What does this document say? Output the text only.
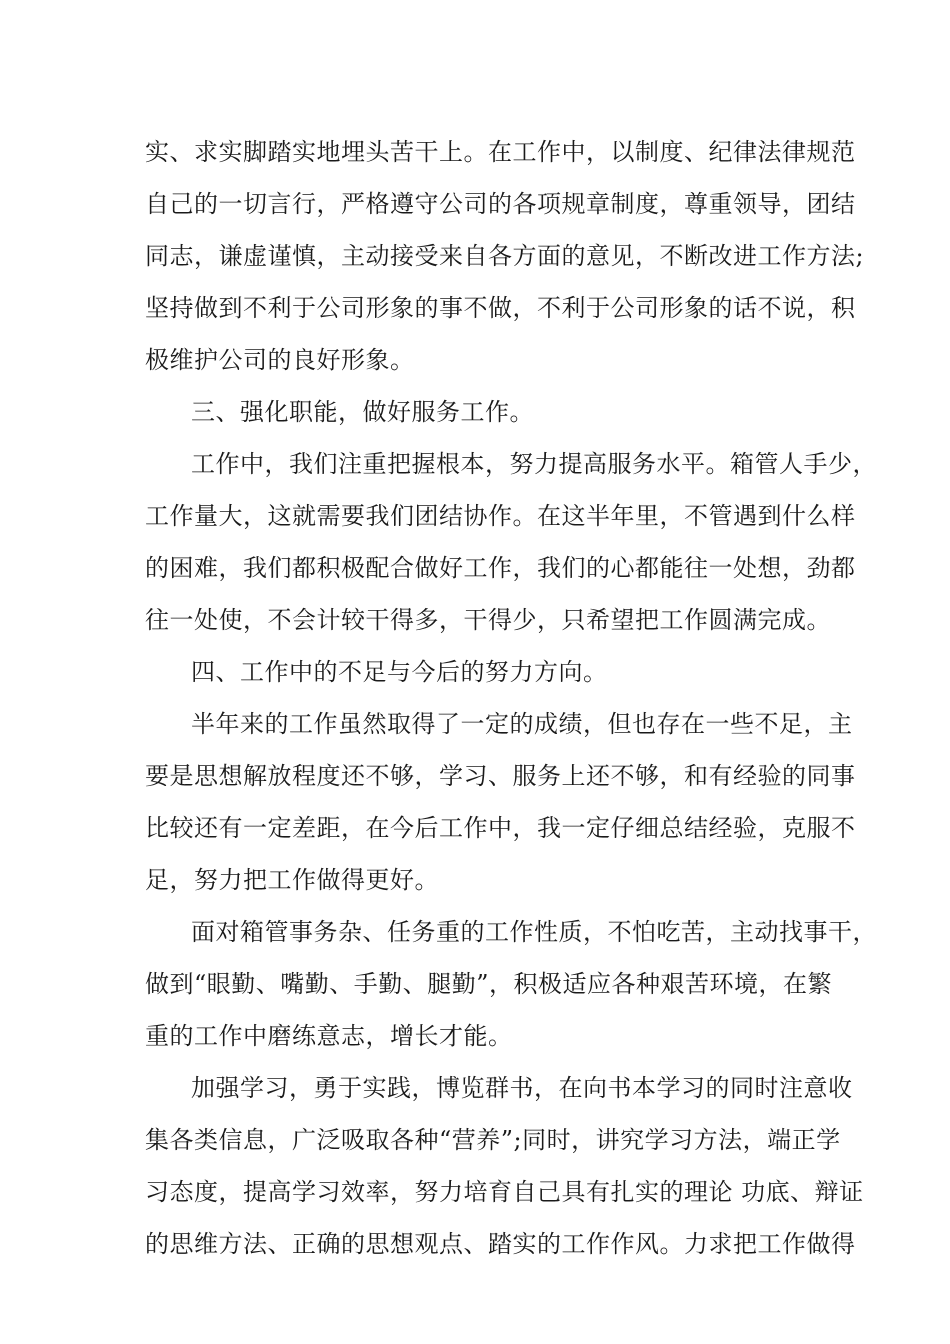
实、求实脚踏实地埋头苦干上。在工作中，以制度、纪律法律规范
自己的一切言行，严格遵守公司的各项规章制度，尊重领导，团结
同志，谦虚谨慎，主动接受来自各方面的意见，不断改进工作方法;
坚持做到不利于公司形象的事不做，不利于公司形象的话不说，积
极维护公司的良好形象。
三、强化职能，做好服务工作。
工作中，我们注重把握根本，努力提高服务水平。箱管人手少，
工作量大，这就需要我们团结协作。在这半年里，不管遇到什么样
的困难，我们都积极配合做好工作，我们的心都能往一处想，劲都
往一处使，不会计较干得多，干得少，只希望把工作圆满完成。
四、工作中的不足与今后的努力方向。
半年来的工作虽然取得了一定的成绩，但也存在一些不足，主
要是思想解放程度还不够，学习、服务上还不够，和有经验的同事
比较还有一定差距，在今后工作中，我一定仔细总结经验，克服不
足，努力把工作做得更好。
面对箱管事务杂、任务重的工作性质，不怕吃苦，主动找事干，
做到“眼勤、嘴勤、手勤、腿勤”，积极适应各种艰苦环境，在繁
重的工作中磨练意志，增长才能。
加强学习，勇于实践，博览群书，在向书本学习的同时注意收
集各类信息，广泛吸取各种“营养”;同时，讲究学习方法，端正学
习态度，提高学习效率，努力培育自己具有扎实的理论 功底、辩证
的思维方法、正确的思想观点、踏实的工作作风。力求把工作做得
